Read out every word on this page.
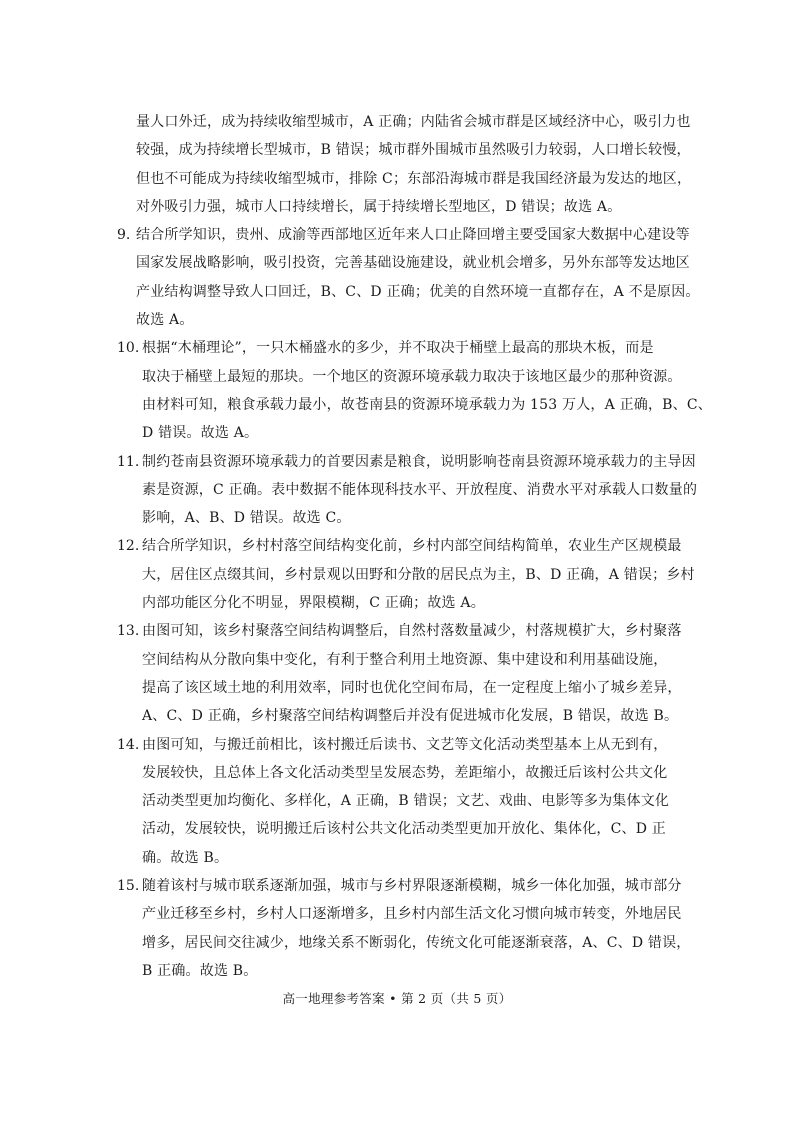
量人口外迁，成为持续收缩型城市，A 正确；内陆省会城市群是区域经济中心，吸引力也
较强，成为持续增长型城市，B 错误；城市群外围城市虽然吸引力较弱，人口增长较慢，
但也不可能成为持续收缩型城市，排除 C；东部沿海城市群是我国经济最为发达的地区，
对外吸引力强，城市人口持续增长，属于持续增长型地区，D 错误；故选 A。
9. 结合所学知识，贵州、成渝等西部地区近年来人口止降回增主要受国家大数据中心建设等
国家发展战略影响，吸引投资，完善基础设施建设，就业机会增多，另外东部等发达地区
产业结构调整导致人口回迁，B、C、D 正确；优美的自然环境一直都存在，A 不是原因。
故选 A。
10. 根据“木桶理论”，一只木桶盛水的多少，并不取决于桶壁上最高的那块木板，而是
取决于桶壁上最短的那块。一个地区的资源环境承载力取决于该地区最少的那种资源。
由材料可知，粮食承载力最小，故苍南县的资源环境承载力为 153 万人，A 正确，B、C、
D 错误。故选 A。
11. 制约苍南县资源环境承载力的首要因素是粮食，说明影响苍南县资源环境承载力的主导因
素是资源，C 正确。表中数据不能体现科技水平、开放程度、消费水平对承载人口数量的
影响，A、B、D 错误。故选 C。
12. 结合所学知识，乡村村落空间结构变化前，乡村内部空间结构简单，农业生产区规模最
大，居住区点缀其间，乡村景观以田野和分散的居民点为主，B、D 正确，A 错误；乡村
内部功能区分化不明显，界限模糊，C 正确；故选 A。
13. 由图可知，该乡村聚落空间结构调整后，自然村落数量减少，村落规模扩大，乡村聚落
空间结构从分散向集中变化，有利于整合利用土地资源、集中建设和利用基础设施，
提高了该区域土地的利用效率，同时也优化空间布局，在一定程度上缩小了城乡差异，
A、C、D 正确，乡村聚落空间结构调整后并没有促进城市化发展，B 错误，故选 B。
14. 由图可知，与搬迁前相比，该村搬迁后读书、文艺等文化活动类型基本上从无到有，
发展较快，且总体上各文化活动类型呈发展态势，差距缩小，故搬迁后该村公共文化
活动类型更加均衡化、多样化，A 正确，B 错误；文艺、戏曲、电影等多为集体文化
活动，发展较快，说明搬迁后该村公共文化活动类型更加开放化、集体化，C、D 正
确。故选 B。
15. 随着该村与城市联系逐渐加强，城市与乡村界限逐渐模糊，城乡一体化加强，城市部分
产业迁移至乡村，乡村人口逐渐增多，且乡村内部生活文化习惯向城市转变，外地居民
增多，居民间交往减少，地缘关系不断弱化，传统文化可能逐渐衰落，A、C、D 错误，
B 正确。故选 B。
高一地理参考答案 • 第 2 页（共 5 页）
